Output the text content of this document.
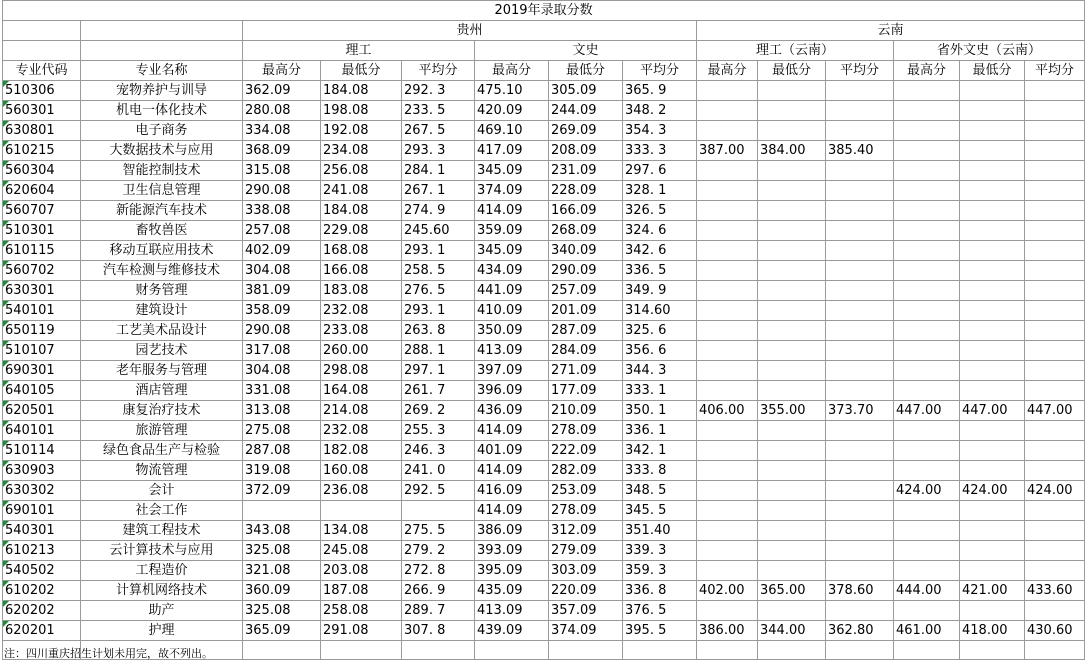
2019年录取分数													
		贵州						云南					
		理工			文史			理工（云南）			省外文史（云南）		
专业代码	专业名称	最高分	最低分	平均分	最高分	最低分	平均分	最高分	最低分	平均分	最高分	最低分	平均分
510306	宠物养护与训导	362.09	184.08	292. 3	475.10	305.09	365. 9						
560301	机电一体化技术	280.08	198.08	233. 5	420.09	244.09	348. 2						
630801	电子商务	334.08	192.08	267. 5	469.10	269.09	354. 3						
610215	大数据技术与应用	368.09	234.08	293. 3	417.09	208.09	333. 3	387.00	384.00	385.40			
560304	智能控制技术	315.08	256.08	284. 1	345.09	231.09	297. 6						
620604	卫生信息管理	290.08	241.08	267. 1	374.09	228.09	328. 1						
560707	新能源汽车技术	338.08	184.08	274. 9	414.09	166.09	326. 5						
510301	畜牧兽医	257.08	229.08	245.60	359.09	268.09	324. 6						
610115	移动互联应用技术	402.09	168.08	293. 1	345.09	340.09	342. 6						
560702	汽车检测与维修技术	304.08	166.08	258. 5	434.09	290.09	336. 5						
630301	财务管理	381.09	183.08	276. 5	441.09	257.09	349. 9						
540101	建筑设计	358.09	232.08	293. 1	410.09	201.09	314.60						
650119	工艺美术品设计	290.08	233.08	263. 8	350.09	287.09	325. 6						
510107	园艺技术	317.08	260.00	288. 1	413.09	284.09	356. 6						
690301	老年服务与管理	304.08	298.08	297. 1	397.09	271.09	344. 3						
640105	酒店管理	331.08	164.08	261. 7	396.09	177.09	333. 1						
620501	康复治疗技术	313.08	214.08	269. 2	436.09	210.09	350. 1	406.00	355.00	373.70	447.00	447.00	447.00
640101	旅游管理	275.08	232.08	255. 3	414.09	278.09	336. 1						
510114	绿色食品生产与检验	287.08	182.08	246. 3	401.09	222.09	342. 1						
630903	物流管理	319.08	160.08	241. 0	414.09	282.09	333. 8						
630302	会计	372.09	236.08	292. 5	416.09	253.09	348. 5				424.00	424.00	424.00
690101	社会工作				414.09	278.09	345. 5						
540301	建筑工程技术	343.08	134.08	275. 5	386.09	312.09	351.40						
610213	云计算技术与应用	325.08	245.08	279. 2	393.09	279.09	339. 3						
540502	工程造价	321.08	203.08	272. 8	395.09	303.09	359. 3						
610202	计算机网络技术	360.09	187.08	266. 9	435.09	220.09	336. 8	402.00	365.00	378.60	444.00	421.00	433.60
620202	助产	325.08	258.08	289. 7	413.09	357.09	376. 5						
620201	护理	365.09	291.08	307. 8	439.09	374.09	395. 5	386.00	344.00	362.80	461.00	418.00	430.60

注：四川重庆招生计划未用完，故不列出。
